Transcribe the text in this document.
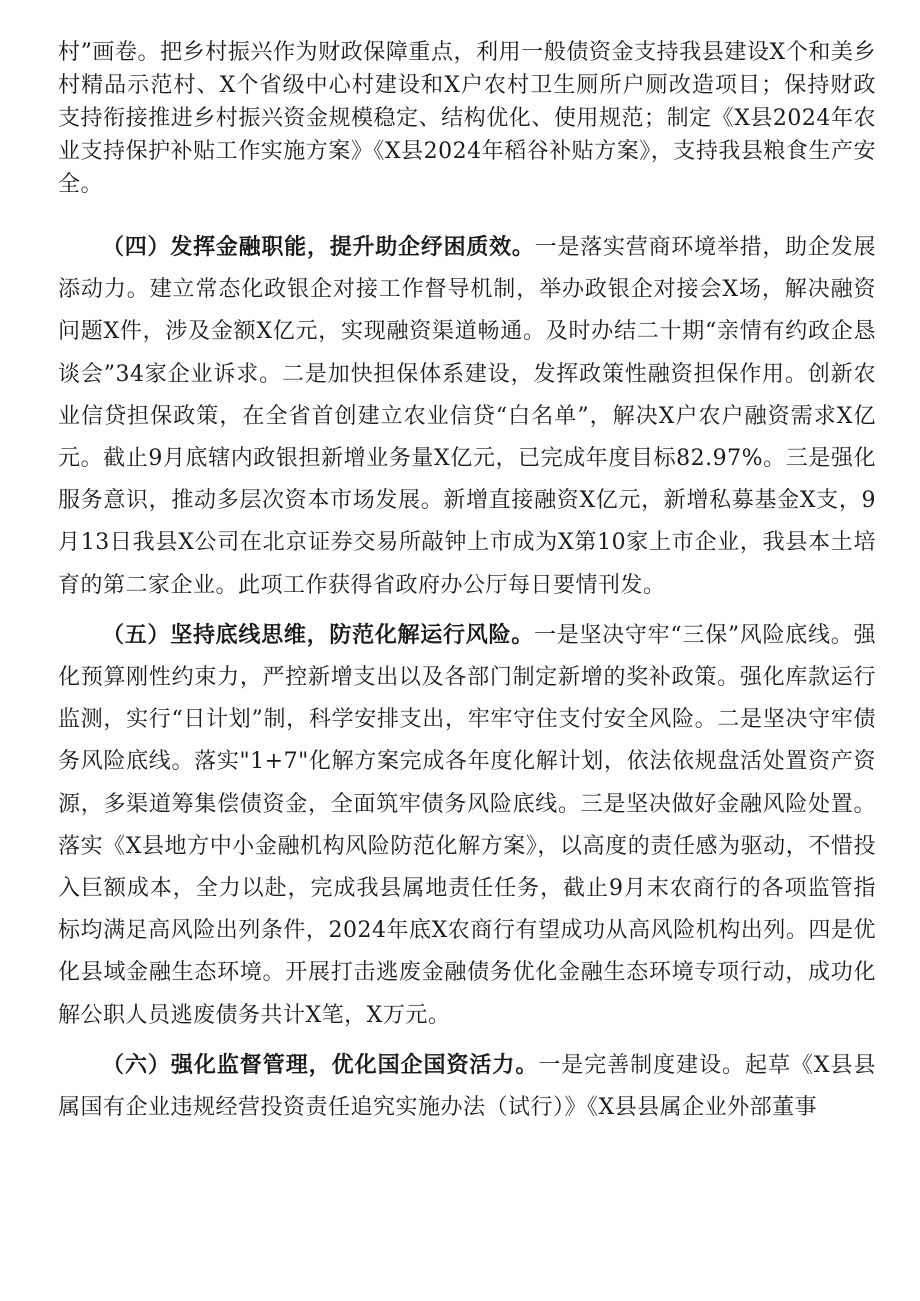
村”画卷。把乡村振兴作为财政保障重点，利用一般债资金支持我县建设X个和美乡村精品示范村、X个省级中心村建设和X户农村卫生厕所户厕改造项目；保持财政支持衔接推进乡村振兴资金规模稳定、结构优化、使用规范；制定《X县2024年农业支持保护补贴工作实施方案》《X县2024年稻谷补贴方案》，支持我县粮食生产安全。

（四）发挥金融职能，提升助企纾困质效。一是落实营商环境举措，助企发展添动力。建立常态化政银企对接工作督导机制，举办政银企对接会X场，解决融资问题X件，涉及金额X亿元，实现融资渠道畅通。及时办结二十期“亲情有约政企恳谈会”34家企业诉求。二是加快担保体系建设，发挥政策性融资担保作用。创新农业信贷担保政策，在全省首创建立农业信贷“白名单”，解决X户农户融资需求X亿元。截止9月底辖内政银担新增业务量X亿元，已完成年度目标82.97%。三是强化服务意识，推动多层次资本市场发展。新增直接融资X亿元，新增私募基金X支，9月13日我县X公司在北京证券交易所敲钟上市成为X第10家上市企业，我县本土培育的第二家企业。此项工作获得省政府办公厅每日要情刊发。

（五）坚持底线思维，防范化解运行风险。一是坚决守牢“三保”风险底线。强化预算刚性约束力，严控新增支出以及各部门制定新增的奖补政策。强化库款运行监测，实行“日计划”制，科学安排支出，牢牢守住支付安全风险。二是坚决守牢债务风险底线。落实"1+7"化解方案完成各年度化解计划，依法依规盘活处置资产资源，多渠道筹集偿债资金，全面筑牢债务风险底线。三是坚决做好金融风险处置。落实《X县地方中小金融机构风险防范化解方案》，以高度的责任感为驱动，不惜投入巨额成本，全力以赴，完成我县属地责任任务，截止9月末农商行的各项监管指标均满足高风险出列条件，2024年底X农商行有望成功从高风险机构出列。四是优化县域金融生态环境。开展打击逃废金融债务优化金融生态环境专项行动，成功化解公职人员逃废债务共计X笔，X万元。

（六）强化监督管理，优化国企国资活力。一是完善制度建设。起草《X县县属国有企业违规经营投资责任追究实施办法（试行）》《X县县属企业外部董事
